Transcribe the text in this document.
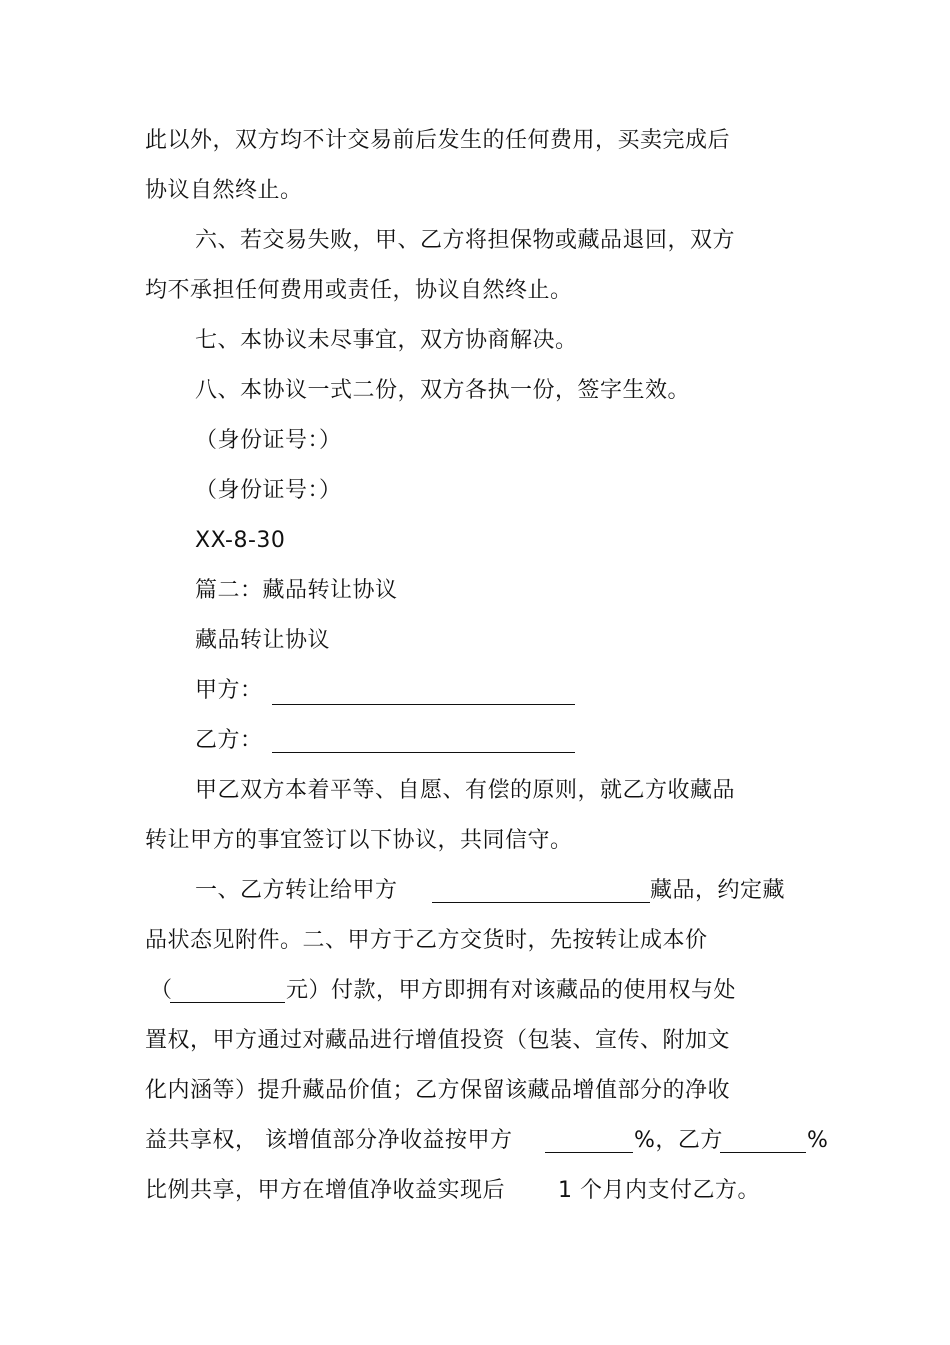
此以外，双方均不计交易前后发生的任何费用，买卖完成后
协议自然终止。
六、若交易失败，甲、乙方将担保物或藏品退回，双方
均不承担任何费用或责任，协议自然终止。
七、本协议未尽事宜，双方协商解决。
八、本协议一式二份，双方各执一份，签字生效。
（身份证号：）
（身份证号：）
XX-8-30
篇二：藏品转让协议
藏品转让协议
甲方：
乙方：
甲乙双方本着平等、自愿、有偿的原则，就乙方收藏品
转让甲方的事宜签订以下协议，共同信守。
一、乙方转让给甲方	藏品，约定藏
品状态见附件。二、甲方于乙方交货时，先按转让成本价
（	元）付款，甲方即拥有对该藏品的使用权与处
置权，甲方通过对藏品进行增值投资（包装、宣传、附加文
化内涵等）提升藏品价值；乙方保留该藏品增值部分的净收
益共享权， 该增值部分净收益按甲方	%，乙方	%
比例共享，甲方在增值净收益实现后 1 个月内支付乙方。
